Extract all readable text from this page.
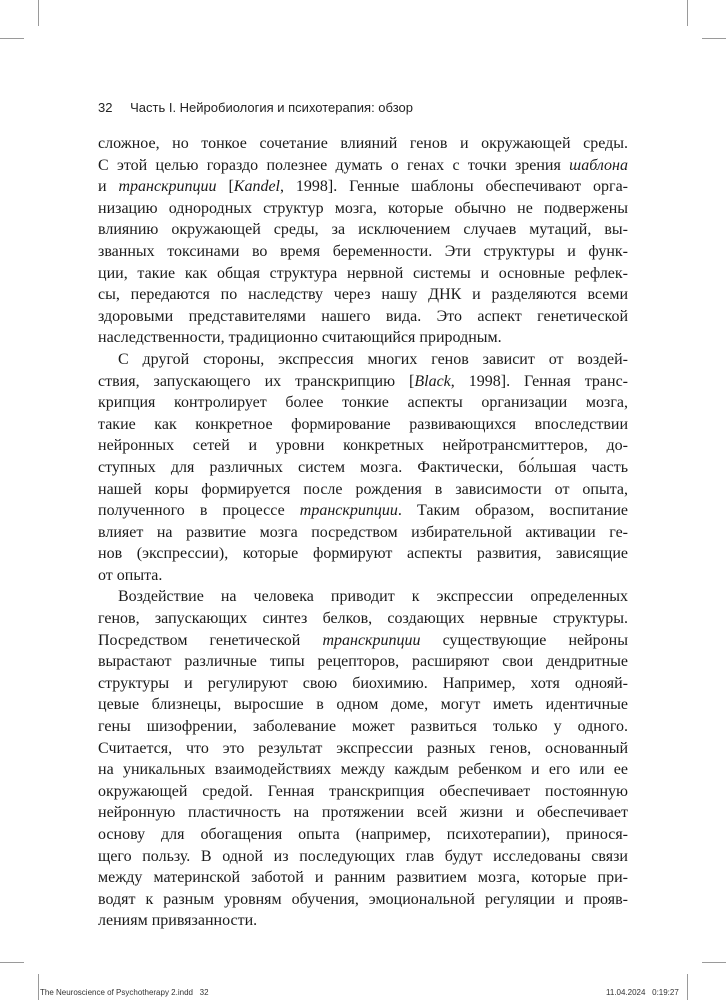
32 Часть I. Нейробиология и психотерапия: обзор
сложное, но тонкое сочетание влияний генов и окружающей среды.
С этой целью гораздо полезнее думать о генах с точки зрения шаблона
и транскрипции [Kandel, 1998]. Генные шаблоны обеспечивают орга-
низацию однородных структур мозга, которые обычно не подвержены
влиянию окружающей среды, за исключением случаев мутаций, вы-
званных токсинами во время беременности. Эти структуры и функ-
ции, такие как общая структура нервной системы и основные рефлек-
сы, передаются по наследству через нашу ДНК и разделяются всеми
здоровыми представителями нашего вида. Это аспект генетической
наследственности, традиционно считающийся природным.
С другой стороны, экспрессия многих генов зависит от воздей-
ствия, запускающего их транскрипцию [Black, 1998]. Генная транс-
крипция контролирует более тонкие аспекты организации мозга,
такие как конкретное формирование развивающихся впоследствии
нейронных сетей и уровни конкретных нейротрансмиттеров, до-
ступных для различных систем мозга. Фактически, бо́льшая часть
нашей коры формируется после рождения в зависимости от опыта,
полученного в процессе транскрипции. Таким образом, воспитание
влияет на развитие мозга посредством избирательной активации ге-
нов (экспрессии), которые формируют аспекты развития, зависящие
от опыта.
Воздействие на человека приводит к экспрессии определенных
генов, запускающих синтез белков, создающих нервные структуры.
Посредством генетической транскрипции существующие нейроны
вырастают различные типы рецепторов, расширяют свои дендритные
структуры и регулируют свою биохимию. Например, хотя однояй-
цевые близнецы, выросшие в одном доме, могут иметь идентичные
гены шизофрении, заболевание может развиться только у одного.
Считается, что это результат экспрессии разных генов, основанный
на уникальных взаимодействиях между каждым ребенком и его или ее
окружающей средой. Генная транскрипция обеспечивает постоянную
нейронную пластичность на протяжении всей жизни и обеспечивает
основу для обогащения опыта (например, психотерапии), принося-
щего пользу. В одной из последующих глав будут исследованы связи
между материнской заботой и ранним развитием мозга, которые при-
водят к разным уровням обучения, эмоциональной регуляции и прояв-
лениям привязанности.
The Neuroscience of Psychotherapy 2.indd   32	11.04.2024   0:19:27
